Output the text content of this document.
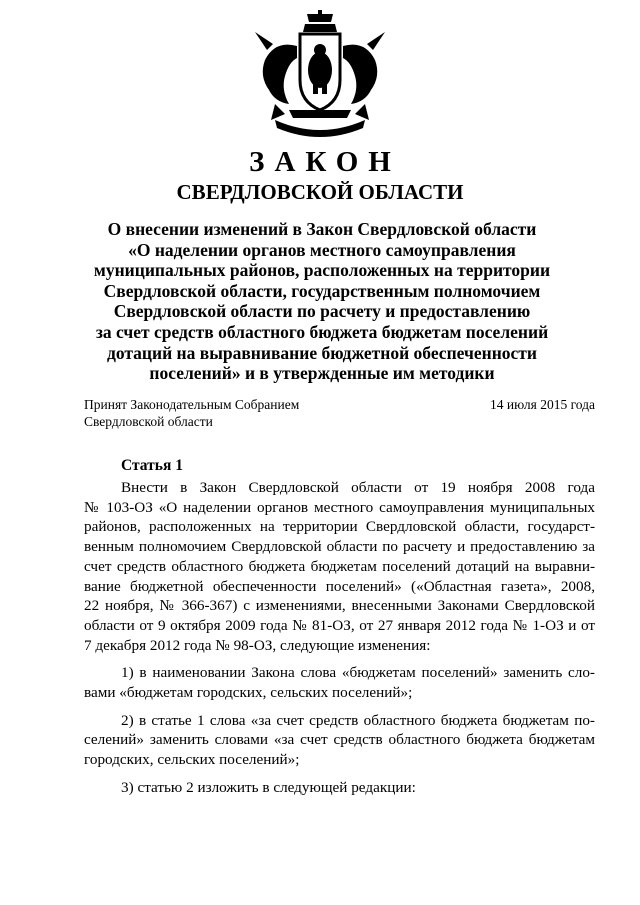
ЗАКОН
СВЕРДЛОВСКОЙ ОБЛАСТИ
О внесении изменений в Закон Свердловской области
«О наделении органов местного самоуправления
муниципальных районов, расположенных на территории
Свердловской области, государственным полномочием
Свердловской области по расчету и предоставлению
за счет средств областного бюджета бюджетам поселений
дотаций на выравнивание бюджетной обеспеченности
поселений» и в утвержденные им методики
Принят Законодательным Собранием
Свердловской области
14 июля 2015 года
Статья 1
Внести в Закон Свердловской области от 19 ноября 2008 года
№ 103-ОЗ «О наделении органов местного самоуправления муниципальных
районов, расположенных на территории Свердловской области, государст-
венным полномочием Свердловской области по расчету и предоставлению за
счет средств областного бюджета бюджетам поселений дотаций на выравни-
вание бюджетной обеспеченности поселений» («Областная газета», 2008,
22 ноября, № 366-367) с изменениями, внесенными Законами Свердловской
области от 9 октября 2009 года № 81-ОЗ, от 27 января 2012 года № 1-ОЗ и от
7 декабря 2012 года № 98-ОЗ, следующие изменения:
1) в наименовании Закона слова «бюджетам поселений» заменить сло-
вами «бюджетам городских, сельских поселений»;
2) в статье 1 слова «за счет средств областного бюджета бюджетам по-
селений» заменить словами «за счет средств областного бюджета бюджетам
городских, сельских поселений»;
3) статью 2 изложить в следующей редакции:
